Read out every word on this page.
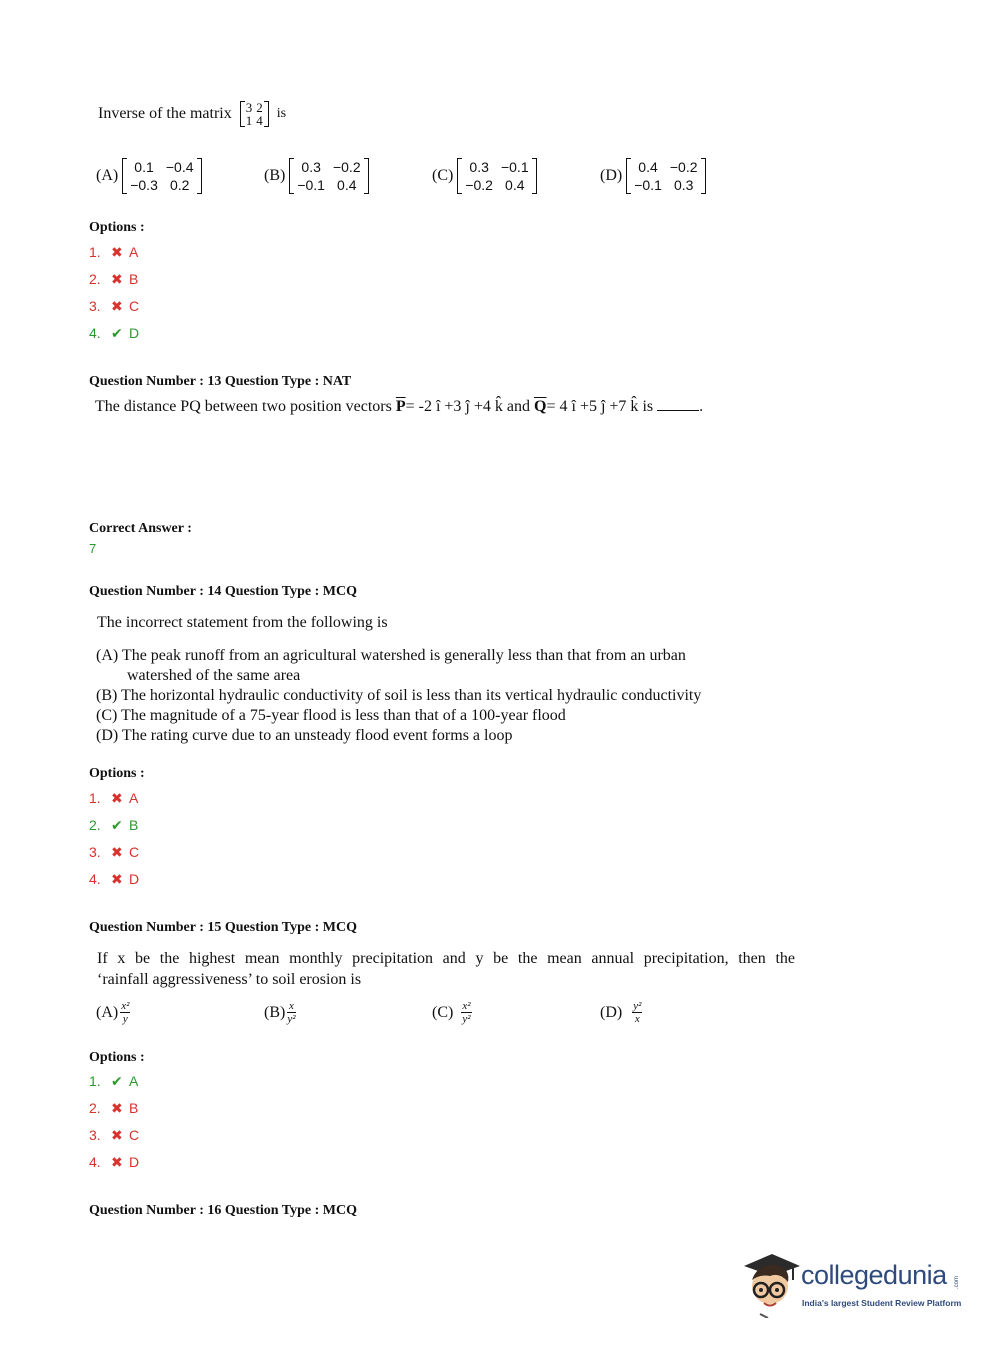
Inverse of the matrix 3	2
1	4 is
(A) 0.1	−0.4
−0.3	0.2
(B) 0.3	−0.2
−0.1	0.4
(C) 0.3	−0.1
−0.2	0.4
(D) 0.4	−0.2
−0.1	0.3
Options :
1. ✖ A
2. ✖ B
3. ✖ C
4. ✔ D
Question Number : 13 Question Type : NAT
The distance PQ between two position vectors $\overline{P}= -2$ î +3 ĵ +4 k̂ and $\overline{Q}= 4$ î +5 ĵ +7 k̂ is	.
Correct Answer :
7
Question Number : 14 Question Type : MCQ
The incorrect statement from the following is
(A) The peak runoff from an agricultural watershed is generally less than that from an urban
watershed of the same area
(B) The horizontal hydraulic conductivity of soil is less than its vertical hydraulic conductivity
(C) The magnitude of a 75-year flood is less than that of a 100-year flood
(D) The rating curve due to an unsteady flood event forms a loop
Options :
1. ✖ A
2. ✔ B
3. ✖ C
4. ✖ D
Question Number : 15 Question Type : MCQ
If x be the highest mean monthly precipitation and y be the mean annual precipitation, then the
‘rainfall aggressiveness’ to soil erosion is
$(A) \frac{\text{x²}}{y}$	$(B) \frac{x}{\text{y²}}$	$(C) \frac{\text{x²}}{\text{y²}}$	$(D) \frac{\text{y²}}{x}$
Options :
1. ✔ A
2. ✖ B
3. ✖ C
4. ✖ D
Question Number : 16 Question Type : MCQ
collegedunia .com
India's largest Student Review Platform
